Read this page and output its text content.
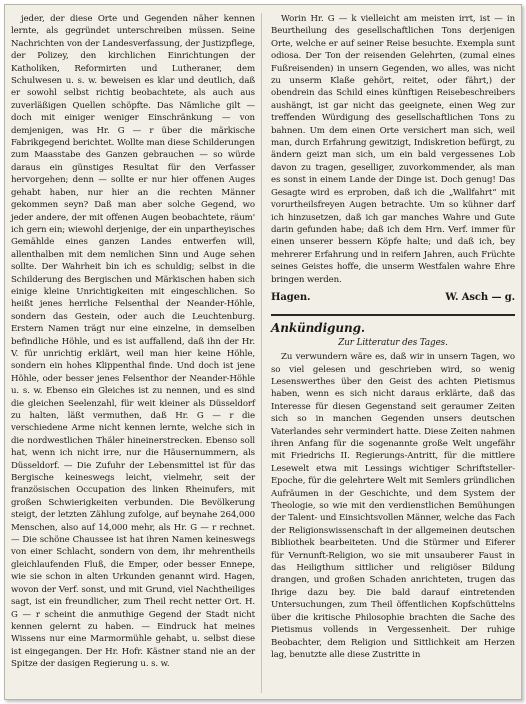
jeder, der diese Orte und Gegenden näher kennen lernte, als gegründet unterschreiben müssen. Seine Nachrichten von der Landesverfassung, der Justizpflege, der Polizey, den kirchlichen Einrichtungen der Katholiken, Reformirten und Lutheraner, dem Schulwesen u. s. w. beweisen es klar und deutlich, daß er sowohl selbst richtig beobachtete, als auch aus zuverläßigen Quellen schöpfte. Das Nämliche gilt — doch mit einiger weniger Einschränkung — von demjenigen, was Hr. G — r über die märkische Fabrikgegend berichtet. Wollte man diese Schilderungen zum Maasstabe des Ganzen gebrauchen — so würde daraus ein günstiges Resultat für den Verfasser hervorgehen; denn — sollte er nur hier offenen Auges gehabt haben, nur hier an die rechten Männer gekommen seyn? Daß man aber solche Gegend, wo jeder andere, der mit offenen Augen beobachtete, räum' ich gern ein; wiewohl derjenige, der ein unpartheyisches Gemählde eines ganzen Landes entwerfen will, allenthalben mit dem nemlichen Sinn und Auge sehen sollte. Der Wahrheit bin ich es schuldig; selbst in die Schilderung des Bergischen und Märkischen haben sich einige kleine Unrichtigkeiten mit eingeschlichen. So heißt jenes herrliche Felsenthal der Neander-Höhle, sondern das Gestein, oder auch die Leuchtenburg. Erstern Namen trägt nur eine einzelne, in demselben befindliche Höhle, und es ist auffallend, daß ihn der Hr. V. für unrichtig erklärt, weil man hier keine Höhle, sondern ein hohes Klippenthal finde. Und doch ist jene Höhle, oder besser jenes Felsenthor der Neander-Höhle u. s. w. Ebenso ein Gleiches ist zu nennen, und es sind die gleichen Seelenzahl, für weit kleiner als Düsseldorf zu halten, läßt vermuthen, daß Hr. G — r die verschiedene Arme nicht kennen lernte, welche sich in die nordwestlichen Thäler hineinerstrecken. Ebenso soll hat, wenn ich nicht irre, nur die Häusernummern, als Düsseldorf. — Die Zufuhr der Lebensmittel ist für das Bergische keineswegs leicht, vielmehr, seit der französischen Occupation des linken Rheinufers, mit großen Schwierigkeiten verbunden. Die Bevölkerung steigt, der letzten Zählung zufolge, auf beynahe 264,000 Menschen, also auf 14,000 mehr, als Hr. G — r rechnet. — Die schöne Chaussee ist hat ihren Namen keineswegs von einer Schlacht, sondern von dem, ihr mehrentheils gleichlaufenden Fluß, die Emper, oder besser Ennepe, wie sie schon in alten Urkunden genannt wird. Hagen, wovon der Verf. sonst, und mit Grund, viel Nachtheiliges sagt, ist ein freundlicher, zum Theil recht netter Ort. H. G — r scheint die anmuthige Gegend der Stadt nicht kennen gelernt zu haben. — Eindruck hat meines Wissens nur eine Marmormühle gehabt, u. selbst diese ist eingegangen. Der Hr. Hofr. Kästner stand nie an der Spitze der dasigen Regierung u. s. w.

Worin Hr. G — k vielleicht am meisten irrt, ist — in Beurtheilung des gesellschaftlichen Tons derjenigen Orte, welche er auf seiner Reise besuchte. Exempla sunt odiosa. Der Ton der reisenden Gelehrten, (zumal eines Fußreisenden) in unsern Gegenden, wo alles, was nicht zu unserm Klaße gehört, reitet, oder fährt,) der obendrein das Schild eines künftigen Reisebeschreibers aushängt, ist gar nicht das geeignete, einen Weg zur treffenden Würdigung des gesellschaftlichen Tons zu bahnen. Um dem einen Orte versichert man sich, weil man, durch Erfahrung gewitzigt, Indiskretion befürgt, zu ändern geizt man sich, um ein bald vergessenes Lob davon zu tragen, geselliger, zuvorkommender, als man es sonst in einem Lande der Dinge ist. Doch genug! Das Gesagte wird es erproben, daß ich die „Wallfahrt“ mit vorurtheilsfreyen Augen betrachte. Um so kühner darf ich hinzusetzen, daß ich gar manches Wahre und Gute darin gefunden habe; daß ich dem Hrn. Verf. immer für einen unserer bessern Köpfe halte; und daß ich, bey mehrerer Erfahrung und in reifern Jahren, auch Früchte seines Geistes hoffe, die unserm Westfalen wahre Ehre bringen werden.

Hagen.	W. Asch — g.
Ankündigung.
Zur Litteratur des Tages.

Zu verwundern wäre es, daß wir in unsern Tagen, wo so viel gelesen und geschrieben wird, so wenig Lesenswerthes über den Geist des achten Pietismus haben, wenn es sich nicht daraus erklärte, daß das Interesse für diesen Gegenstand seit geraumer Zeiten sich so in manchen Gegenden unsers deutschen Vaterlandes sehr vermindert hatte. Diese Zeiten nahmen ihren Anfang für die sogenannte große Welt ungefähr mit Friedrichs II. Regierungs-Antritt, für die mittlere Lesewelt etwa mit Lessings wichtiger Schriftsteller-Epoche, für die gelehrtere Welt mit Semlers gründlichen Aufräumen in der Geschichte, und dem System der Theologie, so wie mit den verdienstlichen Bemühungen der Talent- und Einsichtsvollen Männer, welche das Fach der Religionswissenschaft in der allgemeinen deutschen Bibliothek bearbeiteten. Und die Stürmer und Eiferer für Vernunft-Religion, wo sie mit unsauberer Faust in das Heiligthum sittlicher und religiöser Bildung drangen, und großen Schaden anrichteten, trugen das Ihrige dazu bey. Die bald darauf eintretenden Untersuchungen, zum Theil öffentlichen Kopfschüttelns über die kritische Philosophie brachten die Sache des Pietismus vollends in Vergessenheit. Der ruhige Beobachter, dem Religion und Sittlichkeit am Herzen lag, benutzte alle diese Zustritte in
